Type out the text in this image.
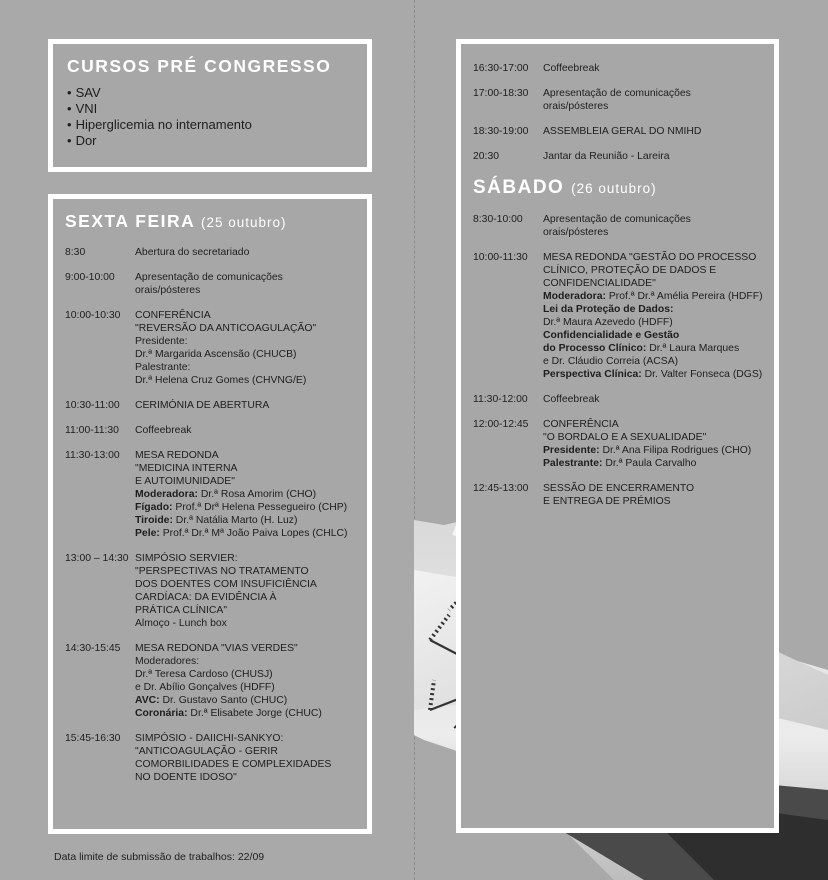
CURSOS PRÉ CONGRESSO
• SAV
• VNI
• Hiperglicemia no internamento
• Dor
SEXTA FEIRA (25 outubro)
8:30	Abertura do secretariado
9:00-10:00	Apresentação de comunicações
orais/pósteres
10:00-10:30	CONFERÊNCIA
"REVERSÃO DA ANTICOAGULAÇÃO"
Presidente:
Dr.ª Margarida Ascensão (CHUCB)
Palestrante:
Dr.ª Helena Cruz Gomes (CHVNG/E)
10:30-11:00	CERIMÓNIA DE ABERTURA
11:00-11:30	Coffeebreak
11:30-13:00	MESA REDONDA
"MEDICINA INTERNA
E AUTOIMUNIDADE"
Moderadora: Dr.ª Rosa Amorim (CHO)
Fígado: Prof.ª Drª Helena Pessegueiro (CHP)
Tiroide: Dr.ª Natália Marto (H. Luz)
Pele: Prof.ª Dr.ª Mª João Paiva Lopes (CHLC)
13:00 – 14:30 SIMPÓSIO SERVIER:
"PERSPECTIVAS NO TRATAMENTO
DOS DOENTES COM INSUFICIÊNCIA
CARDÍACA: DA EVIDÊNCIA À
PRÁTICA CLÍNICA"
Almoço - Lunch box
14:30-15:45	MESA REDONDA "VIAS VERDES"
Moderadores:
Dr.ª Teresa Cardoso (CHUSJ)
e Dr. Abílio Gonçalves (HDFF)
AVC: Dr. Gustavo Santo (CHUC)
Coronária: Dr.ª Elisabete Jorge (CHUC)
15:45-16:30	SIMPÓSIO - DAIICHI-SANKYO:
"ANTICOAGULAÇÃO - GERIR
COMORBILIDADES E COMPLEXIDADES
NO DOENTE IDOSO"
16:30-17:00	Coffeebreak
17:00-18:30	Apresentação de comunicações
orais/pósteres
18:30-19:00	ASSEMBLEIA GERAL DO NMIHD
20:30	Jantar da Reunião - Lareira
SÁBADO (26 outubro)
8:30-10:00	Apresentação de comunicações
orais/pósteres
10:00-11:30	MESA REDONDA "GESTÃO DO PROCESSO
CLÍNICO, PROTEÇÃO DE DADOS E
CONFIDENCIALIDADE"
Moderadora: Prof.ª Dr.ª Amélia Pereira (HDFF)
Lei da Proteção de Dados:
Dr.ª Maura Azevedo (HDFF)
Confidencialidade e Gestão
do Processo Clínico: Dr.ª Laura Marques
e Dr. Cláudio Correia (ACSA)
Perspectiva Clínica: Dr. Valter Fonseca (DGS)
11:30-12:00	Coffeebreak
12:00-12:45	CONFERÊNCIA
"O BORDALO E A SEXUALIDADE"
Presidente: Dr.ª Ana Filipa Rodrigues (CHO)
Palestrante: Dr.ª Paula Carvalho
12:45-13:00	SESSÃO DE ENCERRAMENTO
E ENTREGA DE PRÉMIOS
Data limite de submissão de trabalhos: 22/09
